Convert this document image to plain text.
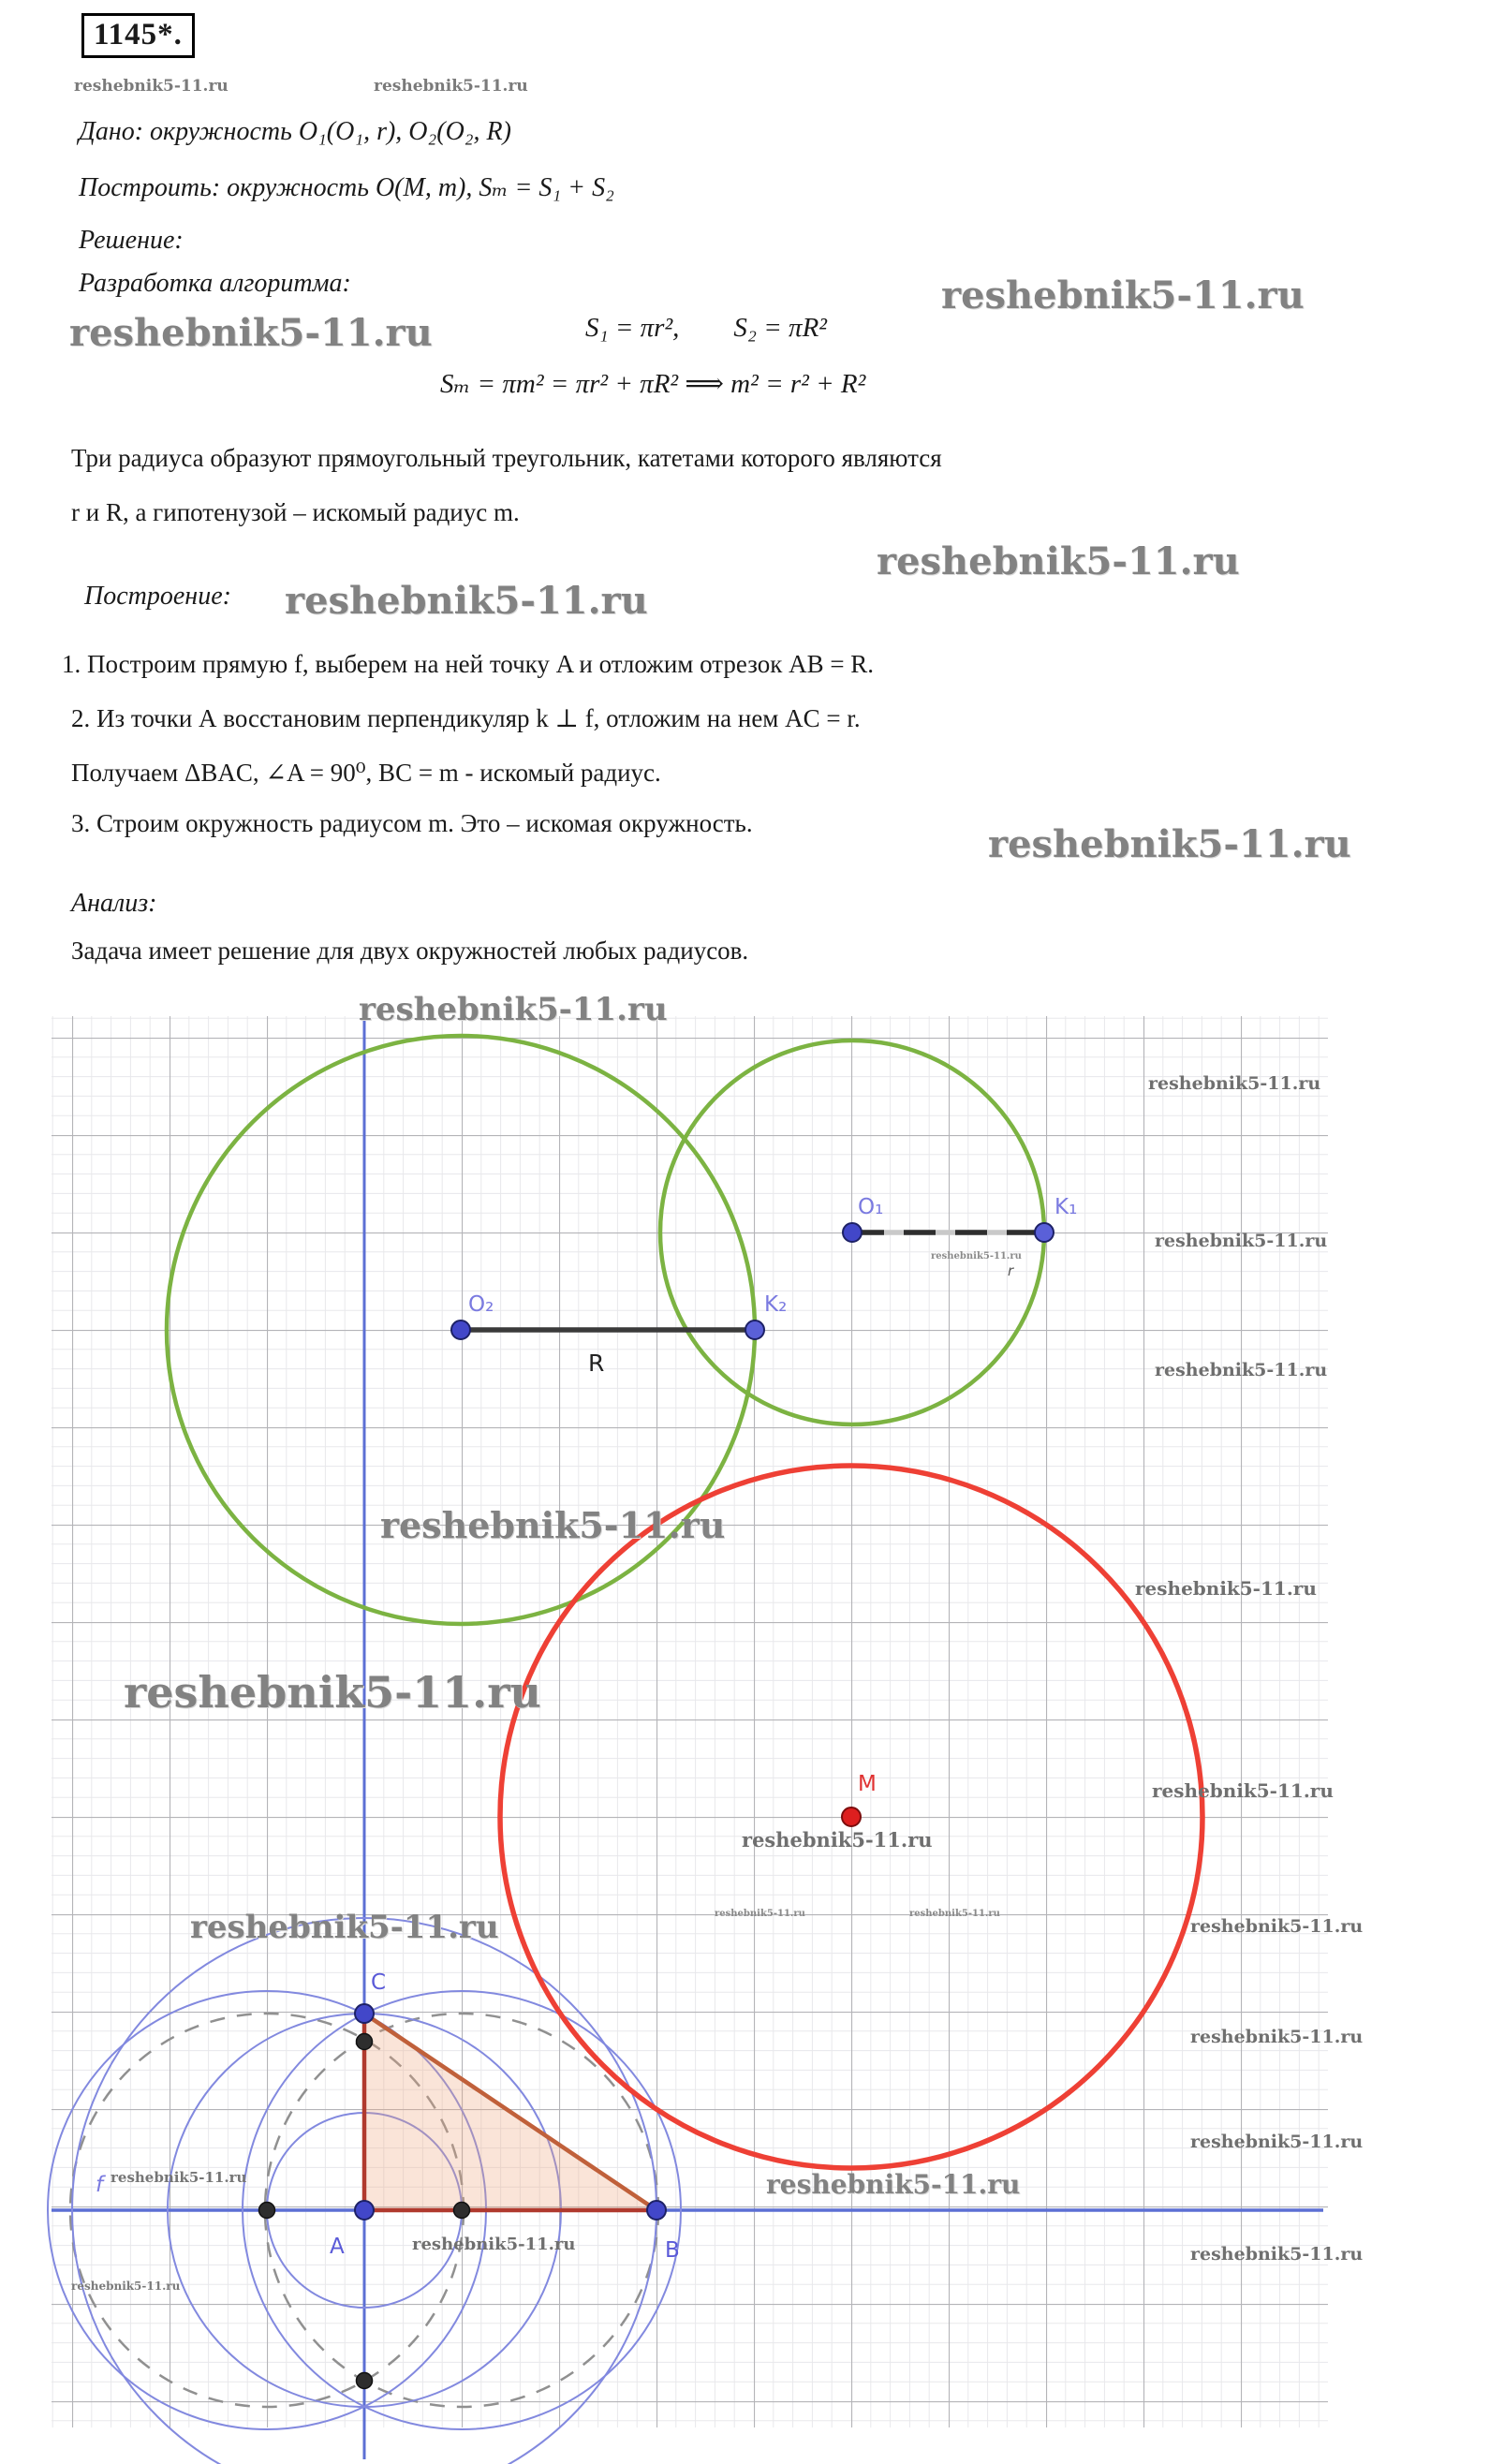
1145*.
reshebnik5-11.ru	reshebnik5-11.ru
Дано: окружность O₁(O₁, r), O₂(O₂, R)
Построить: окружность O(M, m), Sₘ = S₁ + S₂
Решение:
Разработка алгоритма:	reshebnik5-11.ru
reshebnik5-11.ru	S₁ = πr²,        S₂ = πR²
Sₘ = πm² = πr² + πR² ⟹ m² = r² + R²
Три радиуса образуют прямоугольный треугольник, катетами которого являются
r и R, а гипотенузой – искомый радиус m.
reshebnik5-11.ru
Построение: reshebnik5-11.ru
1. Построим прямую f, выберем на ней точку A и отложим отрезок AB = R.
2. Из точки А восстановим перпендикуляр k ⊥ f, отложим на нем AC = r.
Получаем ΔBAC, ∠A = 90⁰, BC = m - искомый радиус.
3. Строим окружность радиусом m. Это – искомая окружность.	reshebnik5-11.ru
Анализ:
Задача имеет решение для двух окружностей любых радиусов.
O₁	K₁
r
O₂	K₂
R
M
A	B
C
f
reshebnik5-11.ru
reshebnik5-11.ru
reshebnik5-11.ru
reshebnik5-11.ru
reshebnik5-11.ru
reshebnik5-11.ru
reshebnik5-11.ru
reshebnik5-11.ru
reshebnik5-11.ru
reshebnik5-11.ru
reshebnik5-11.ru	reshebnik5-11.ru
reshebnik5-11.ru	reshebnik5-11.ru
reshebnik5-11.ru
reshebnik5-11.ru
reshebnik5-11.ru	reshebnik5-11.ru
reshebnik5-11.ru	reshebnik5-11.ru
reshebnik5-11.ru
